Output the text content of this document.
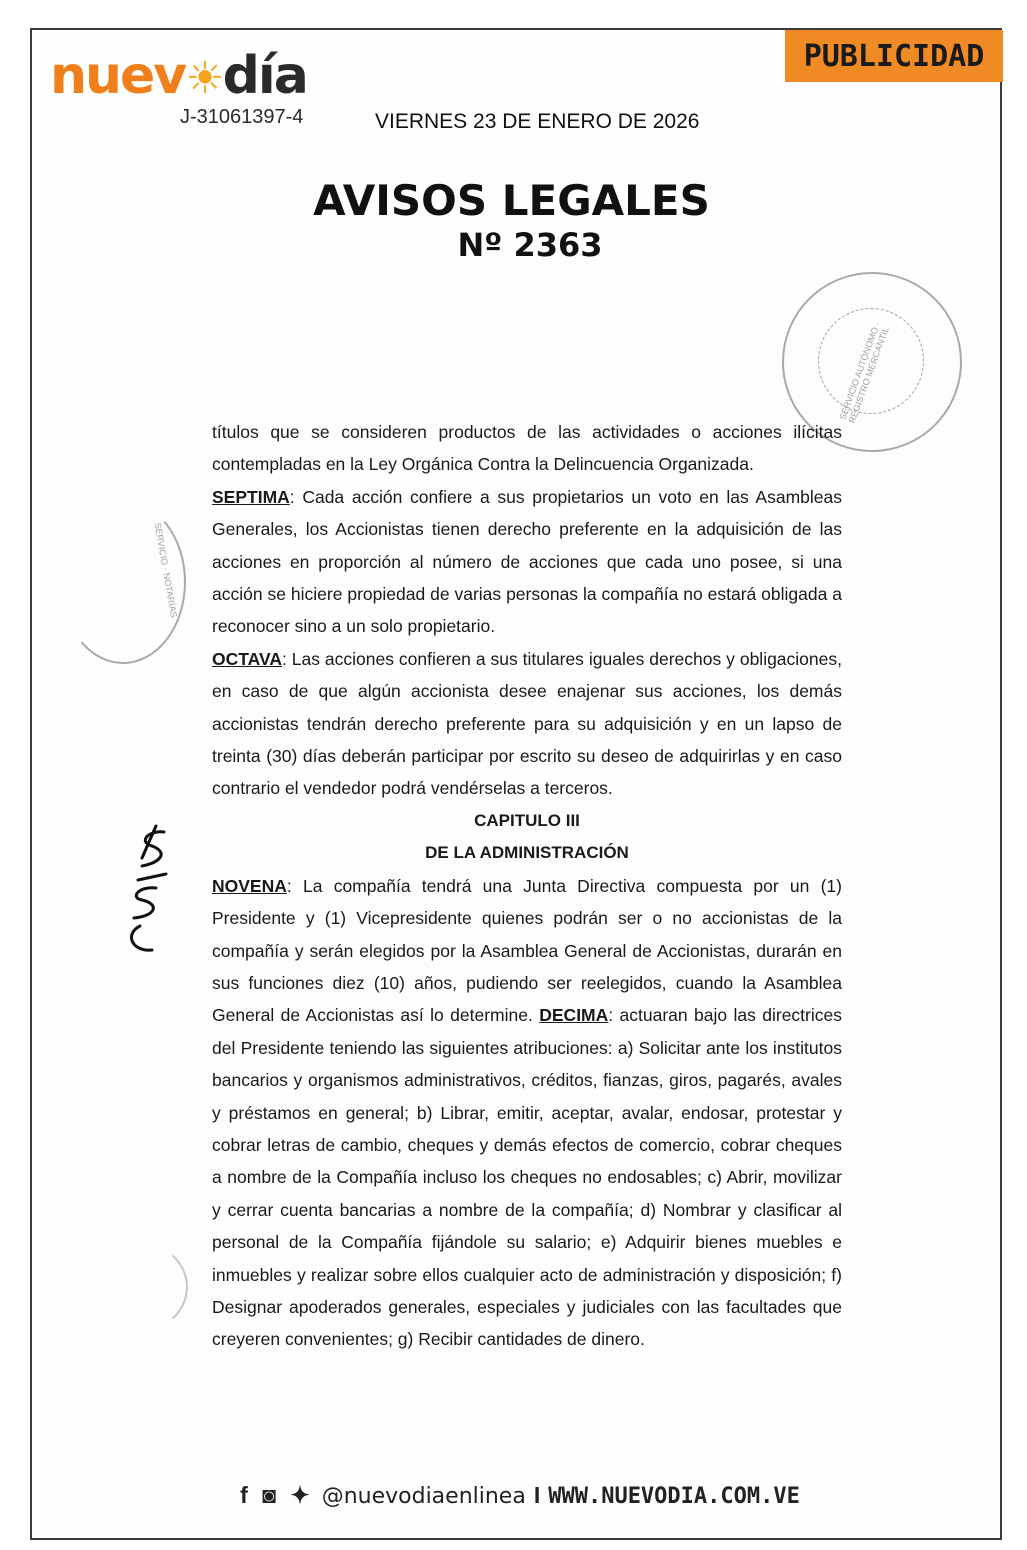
nuev☀día
J-31061397-4	VIERNES 23 DE ENERO DE 2026
PUBLICIDAD
AVISOS LEGALES
Nº 2363
SERVICIO AUTÓNOMO · REGISTRO MERCANTIL
SERVICIO · NOTARÍAS

títulos que se consideren productos de las actividades o acciones ilícitas contempladas en la Ley Orgánica Contra la Delincuencia Organizada.

SEPTIMA: Cada acción confiere a sus propietarios un voto en las Asambleas Generales, los Accionistas tienen derecho preferente en la adquisición de las acciones en proporción al número de acciones que cada uno posee, si una acción se hiciere propiedad de varias personas la compañía no estará obligada a reconocer sino a un solo propietario.

OCTAVA: Las acciones confieren a sus titulares iguales derechos y obligaciones, en caso de que algún accionista desee enajenar sus acciones, los demás accionistas tendrán derecho preferente para su adquisición y en un lapso de treinta (30) días deberán participar por escrito su deseo de adquirirlas y en caso contrario el vendedor podrá vendérselas a terceros.

CAPITULO III

DE LA ADMINISTRACIÓN

NOVENA: La compañía tendrá una Junta Directiva compuesta por un (1) Presidente y (1) Vicepresidente quienes podrán ser o no accionistas de la compañía y serán elegidos por la Asamblea General de Accionistas, durarán en sus funciones diez (10) años, pudiendo ser reelegidos, cuando la Asamblea General de Accionistas así lo determine. DECIMA: actuaran bajo las directrices del Presidente teniendo las siguientes atribuciones: a) Solicitar ante los institutos bancarios y organismos administrativos, créditos, fianzas, giros, pagarés, avales y préstamos en general; b) Librar, emitir, aceptar, avalar, endosar, protestar y cobrar letras de cambio, cheques y demás efectos de comercio, cobrar cheques a nombre de la Compañía incluso los cheques no endosables; c) Abrir, movilizar y cerrar cuenta bancarias a nombre de la compañía; d) Nombrar y clasificar al personal de la Compañía fijándole su salario; e) Adquirir bienes muebles e inmuebles y realizar sobre ellos cualquier acto de administración y disposición; f) Designar apoderados generales, especiales y judiciales con las facultades que creyeren convenientes; g) Recibir cantidades de dinero.

f ◙ ✦ @nuevodiaenlinea I WWW.NUEVODIA.COM.VE
